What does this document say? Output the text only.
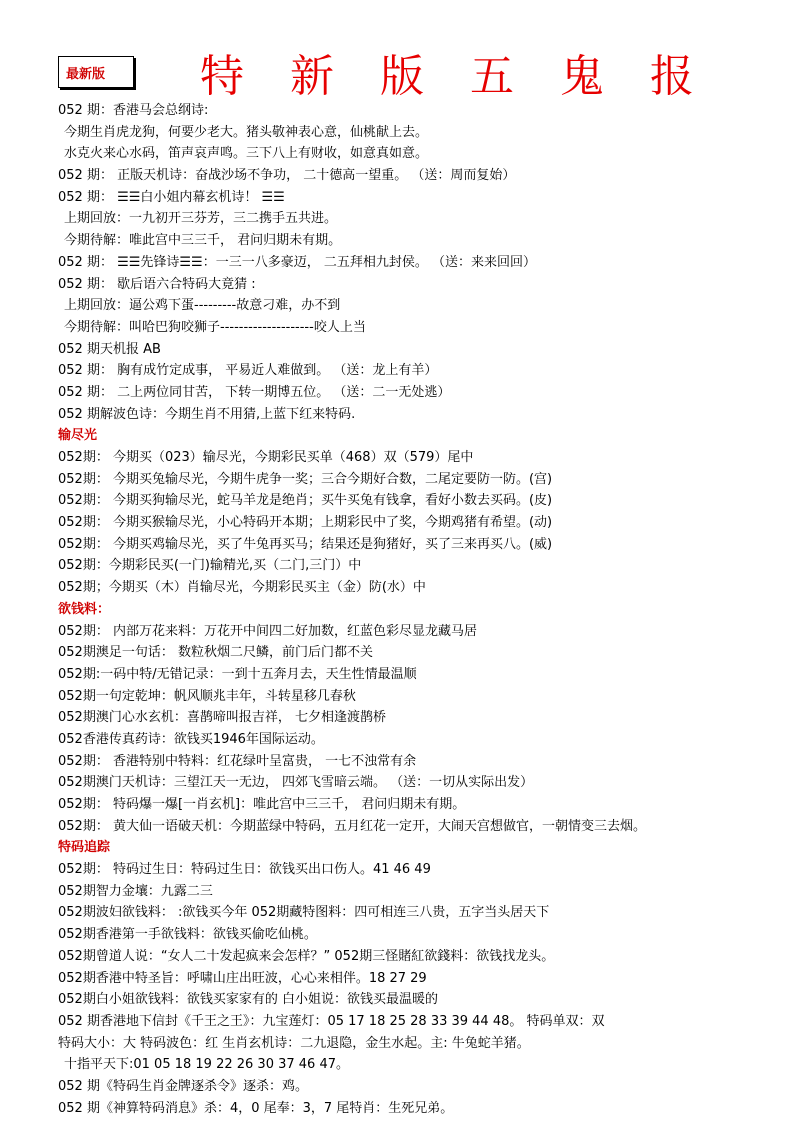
最新版 特 新 版 五 鬼 报
052 期：香港马会总纲诗:
今期生肖虎龙狗，何要少老大。猪头敬神表心意，仙桃献上去。
水克火来心水码，笛声哀声鸣。三下八上有财收，如意真如意。
052 期： 正版天机诗：奋战沙场不争功， 二十德高一望重。 （送：周而复始）
052 期： ☰☰白小姐内幕玄机诗！ ☰☰
上期回放：一九初开三芬芳，三二携手五共进。
今期待解：唯此宫中三三千， 君问归期未有期。
052 期： ☰☰先锋诗☰☰：一三一八多豪迈， 二五拜相九封侯。 （送：来来回回）
052 期： 歇后语六合特码大竟猜 :
上期回放：逼公鸡下蛋---------故意刁难，办不到
今期待解：叫哈巴狗咬狮子--------------------咬人上当
052 期天机报 AB
052 期： 胸有成竹定成事， 平易近人难做到。 （送：龙上有羊）
052 期： 二上两位同甘苦， 下转一期博五位。 （送：二一无处逃）
052 期解波色诗：今期生肖不用猜,上蓝下红来特码.
输尽光
052期： 今期买（023）输尽光，今期彩民买单（468）双（579）尾中
052期： 今期买兔输尽光，今期牛虎争一奖；三合今期好合数，二尾定要防一防。(宫)
052期： 今期买狗输尽光，蛇马羊龙是绝肖；买牛买兔有钱拿，看好小数去买码。(皮)
052期： 今期买猴输尽光，小心特码开本期；上期彩民中了奖，今期鸡猪有希望。(动)
052期： 今期买鸡输尽光，买了牛兔再买马；结果还是狗猪好，买了三来再买八。(威)
052期：今期彩民买(一门)输精光,买（二门,三门）中
052期；今期买（木）肖输尽光，今期彩民买主（金）防(水）中
欲钱料：
052期： 内部万花来料：万花开中间四二好加数，红蓝色彩尽显龙藏马居
052期澳足一句话： 数粒秋烟二尺鳞，前门后门都不关
052期:一码中特/无错记录：一到十五奔月去，天生性情最温顺
052期一句定乾坤：帆风顺兆丰年，斗转星移几春秋
052期澳门心水玄机：喜鹊啼叫报吉祥， 七夕相逢渡鹊桥
052香港传真药诗：欲钱买1946年国际运动。
052期： 香港特别中特料：红花绿叶呈富贵， 一七不浊常有余
052期澳门天机诗：三望江天一无边， 四郊飞雪暗云端。 （送：一切从实际出发）
052期： 特码爆一爆[一肖玄机]：唯此宫中三三千， 君问归期未有期。
052期： 黄大仙一语破天机：今期蓝绿中特码，五月红花一定开，大闹天宫想做官，一朝情变三去烟。
特码追踪
052期： 特码过生日：特码过生日：欲钱买出口伤人。41 46 49
052期智力金壤：九露二三
052期波妇欲钱料： :欲钱买今年 052期藏特图料：四可相连三八贵，五字当头居天下
052期香港第一手欲钱料：欲钱买偷吃仙桃。
052期曾道人说：“女人二十发起疯来会怎样？” 052期三怪賭紅欲錢料：欲钱找龙头。
052期香港中特圣旨：呼啸山庄出旺波，心心来相伴。18 27 29
052期白小姐欲钱料：欲钱买家家有的 白小姐说：欲钱买最温暖的
052 期香港地下信封《千王之王》：九宝莲灯：05 17 18 25 28 33 39 44 48。 特码单双：双
特码大小：大 特码波色：红 生肖玄机诗：二九退隐，金生水起。主: 牛兔蛇羊猪。
十指平天下:01 05 18 19 22 26 30 37 46 47。
052 期《特码生肖金牌逐杀令》逐杀：鸡。
052 期《神算特码消息》杀：4，0 尾奉：3，7 尾特肖：生死兄弟。
